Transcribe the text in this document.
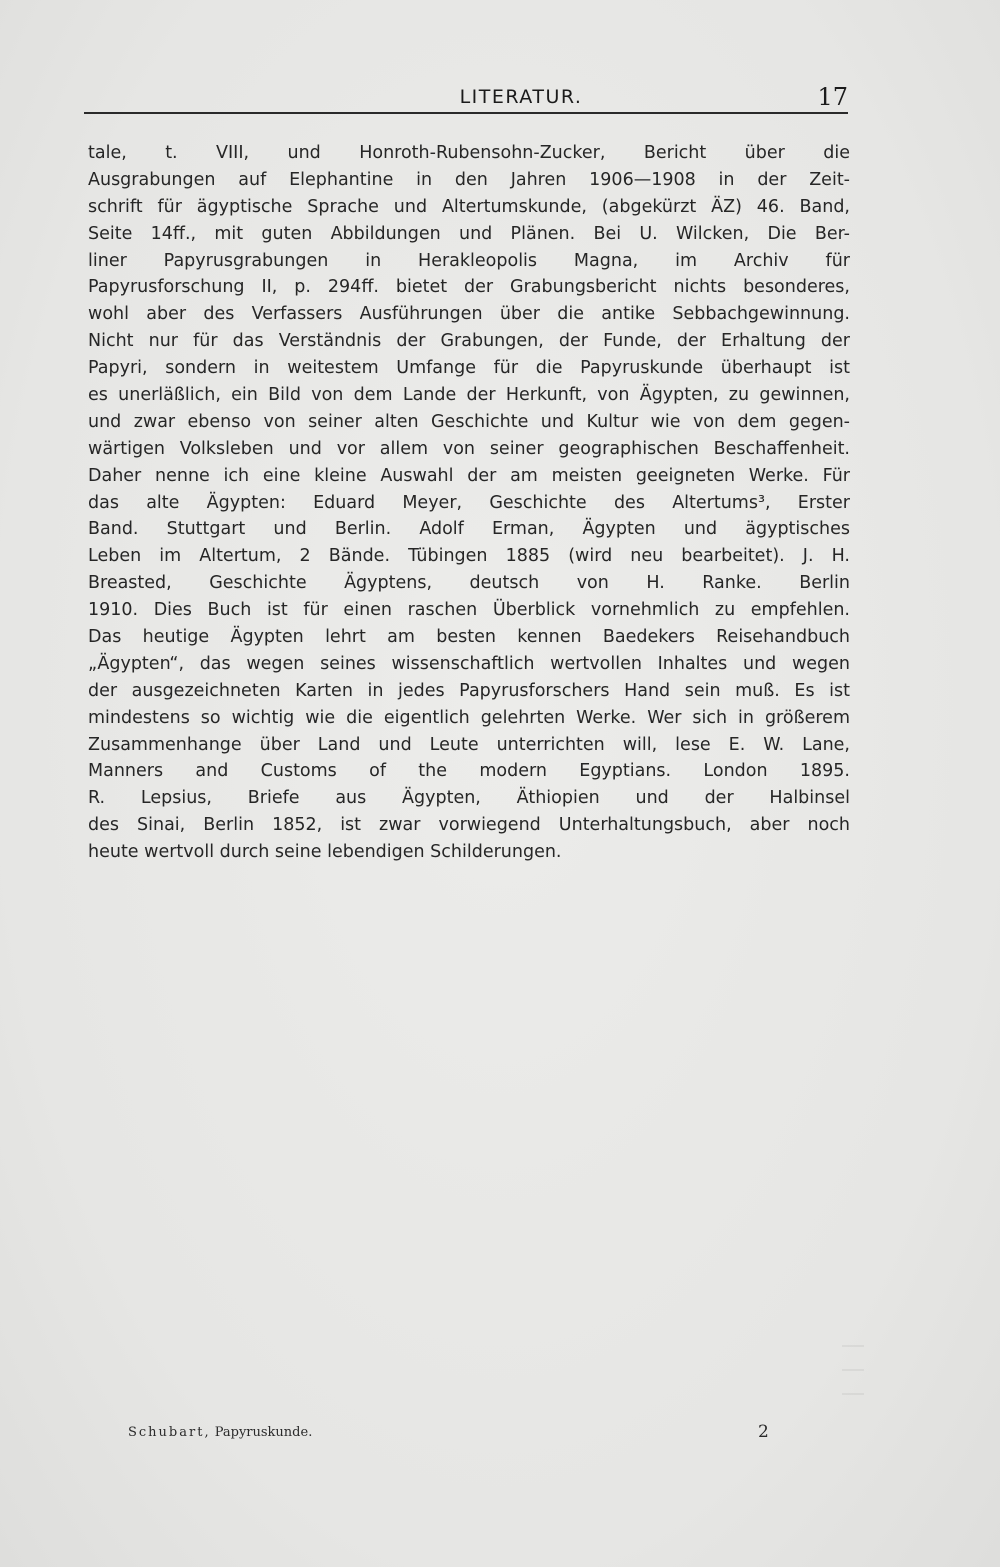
LITERATUR.	17
tale, t. VIII, und Honroth-Rubensohn-Zucker, Bericht über die
Ausgrabungen auf Elephantine in den Jahren 1906—1908 in der Zeit-
schrift für ägyptische Sprache und Altertumskunde, (abgekürzt ÄZ) 46. Band,
Seite 14ff., mit guten Abbildungen und Plänen. Bei U. Wilcken, Die Ber-
liner Papyrusgrabungen in Herakleopolis Magna, im Archiv für
Papyrusforschung II, p. 294ff. bietet der Grabungsbericht nichts besonderes,
wohl aber des Verfassers Ausführungen über die antike Sebbachgewinnung.
Nicht nur für das Verständnis der Grabungen, der Funde, der Erhaltung der
Papyri, sondern in weitestem Umfange für die Papyruskunde überhaupt ist
es unerläßlich, ein Bild von dem Lande der Herkunft, von Ägypten, zu gewinnen,
und zwar ebenso von seiner alten Geschichte und Kultur wie von dem gegen-
wärtigen Volksleben und vor allem von seiner geographischen Beschaffenheit.
Daher nenne ich eine kleine Auswahl der am meisten geeigneten Werke. Für
das alte Ägypten: Eduard Meyer, Geschichte des Altertums³, Erster
Band. Stuttgart und Berlin. Adolf Erman, Ägypten und ägyptisches
Leben im Altertum, 2 Bände. Tübingen 1885 (wird neu bearbeitet). J. H.
Breasted, Geschichte Ägyptens, deutsch von H. Ranke. Berlin
1910. Dies Buch ist für einen raschen Überblick vornehmlich zu empfehlen.
Das heutige Ägypten lehrt am besten kennen Baedekers Reisehandbuch
„Ägypten“, das wegen seines wissenschaftlich wertvollen Inhaltes und wegen
der ausgezeichneten Karten in jedes Papyrusforschers Hand sein muß. Es ist
mindestens so wichtig wie die eigentlich gelehrten Werke. Wer sich in größerem
Zusammenhange über Land und Leute unterrichten will, lese E. W. Lane,
Manners and Customs of the modern Egyptians. London 1895.
R. Lepsius, Briefe aus Ägypten, Äthiopien und der Halbinsel
des Sinai, Berlin 1852, ist zwar vorwiegend Unterhaltungsbuch, aber noch
heute wertvoll durch seine lebendigen Schilderungen.
Schubart, Papyruskunde.	2
